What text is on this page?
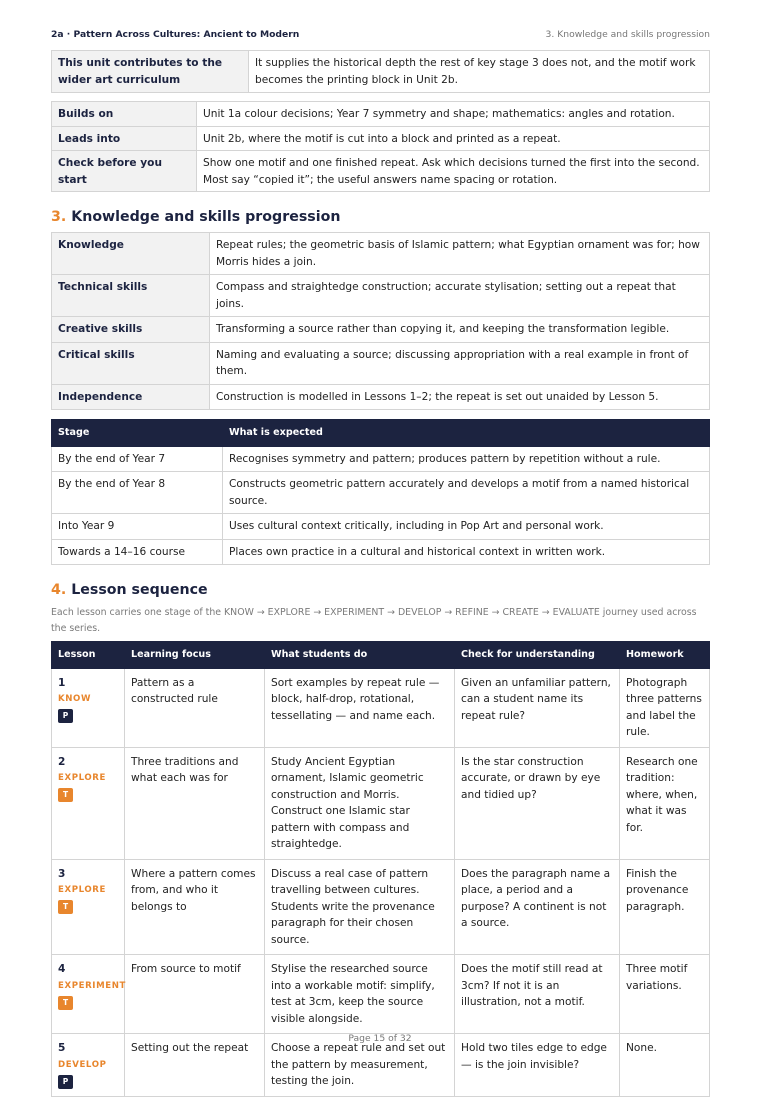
2a · Pattern Across Cultures: Ancient to Modern	3. Knowledge and skills progression
This unit contributes to the wider art curriculum	It supplies the historical depth the rest of key stage 3 does not, and the motif work becomes the printing block in Unit 2b.
Builds on	Unit 1a colour decisions; Year 7 symmetry and shape; mathematics: angles and rotation.
Leads into	Unit 2b, where the motif is cut into a block and printed as a repeat.
Check before you start	Show one motif and one finished repeat. Ask which decisions turned the first into the second. Most say “copied it”; the useful answers name spacing or rotation.
3. Knowledge and skills progression
Knowledge	Repeat rules; the geometric basis of Islamic pattern; what Egyptian ornament was for; how Morris hides a join.
Technical skills	Compass and straightedge construction; accurate stylisation; setting out a repeat that joins.
Creative skills	Transforming a source rather than copying it, and keeping the transformation legible.
Critical skills	Naming and evaluating a source; discussing appropriation with a real example in front of them.
Independence	Construction is modelled in Lessons 1–2; the repeat is set out unaided by Lesson 5.
Stage	What is expected
By the end of Year 7	Recognises symmetry and pattern; produces pattern by repetition without a rule.
By the end of Year 8	Constructs geometric pattern accurately and develops a motif from a named historical source.
Into Year 9	Uses cultural context critically, including in Pop Art and personal work.
Towards a 14–16 course	Places own practice in a cultural and historical context in written work.
4. Lesson sequence

Each lesson carries one stage of the KNOW → EXPLORE → EXPERIMENT → DEVELOP → REFINE → CREATE → EVALUATE journey used across the series.

Lesson	Learning focus	What students do	Check for understanding	Homework

1
KNOW
P	Pattern as a constructed rule	Sort examples by repeat rule — block, half-drop, rotational, tessellating — and name each.	Given an unfamiliar pattern, can a student name its repeat rule?	Photograph three patterns and label the rule.

2
EXPLORE
T	Three traditions and what each was for	Study Ancient Egyptian ornament, Islamic geometric construction and Morris. Construct one Islamic star pattern with compass and straightedge.	Is the star construction accurate, or drawn by eye and tidied up?	Research one tradition: where, when, what it was for.

3
EXPLORE
T	Where a pattern comes from, and who it belongs to	Discuss a real case of pattern travelling between cultures. Students write the provenance paragraph for their chosen source.	Does the paragraph name a place, a period and a purpose? A continent is not a source.	Finish the provenance paragraph.

4
EXPERIMENT
T	From source to motif	Stylise the researched source into a workable motif: simplify, test at 3cm, keep the source visible alongside.	Does the motif still read at 3cm? If not it is an illustration, not a motif.	Three motif variations.

5
DEVELOP
P	Setting out the repeat	Choose a repeat rule and set out the pattern by measurement, testing the join.	Hold two tiles edge to edge — is the join invisible?	None.
Page 15 of 32
